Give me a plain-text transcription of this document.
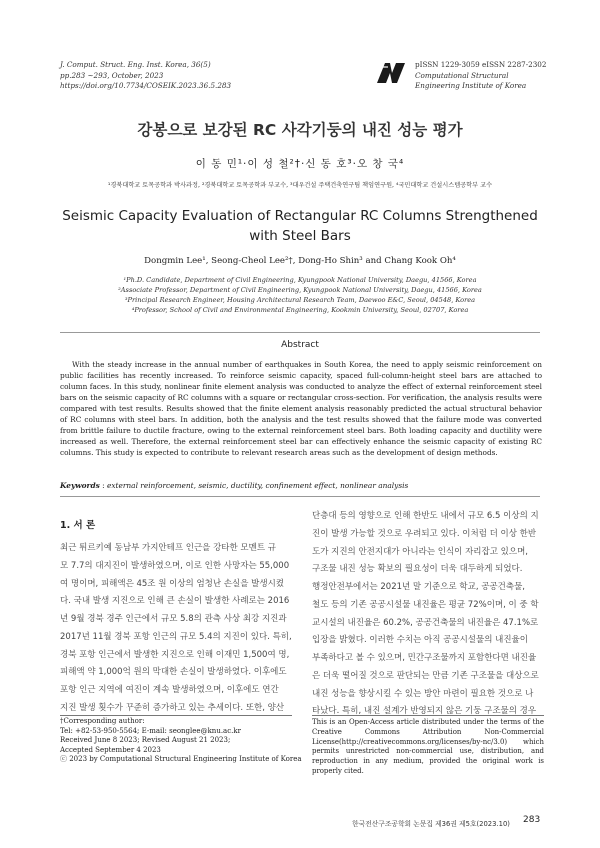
J. Comput. Struct. Eng. Inst. Korea, 36(5)
pp.283 ~293, October, 2023
https://doi.org/10.7734/COSEIK.2023.36.5.283
pISSN 1229-3059 eISSN 2287-2302
Computational Structural
Engineering Institute of Korea
강봉으로 보강된 RC 사각기둥의 내진 성능 평가
이 동 민¹·이 성 철²†·신 동 호³·오 창 국⁴
¹경북대학교 토목공학과 박사과정, ²경북대학교 토목공학과 부교수, ³대우건설 주택건축연구팀 책임연구원, ⁴국민대학교 건설시스템공학부 교수
Seismic Capacity Evaluation of Rectangular RC Columns Strengthened with Steel Bars
Dongmin Lee¹, Seong-Cheol Lee²†, Dong-Ho Shin³ and Chang Kook Oh⁴
¹Ph.D. Candidate, Department of Civil Engineering, Kyungpook National University, Daegu, 41566, Korea
²Associate Professor, Department of Civil Engineering, Kyungpook National University, Daegu, 41566, Korea
³Principal Research Engineer, Housing Architectural Research Team, Daewoo E&C, Seoul, 04548, Korea
⁴Professor, School of Civil and Environmental Engineering, Kookmin University, Seoul, 02707, Korea
Abstract
With the steady increase in the annual number of earthquakes in South Korea, the need to apply seismic reinforcement on public facilities has recently increased. To reinforce seismic capacity, spaced full-column-height steel bars are attached to column faces. In this study, nonlinear finite element analysis was conducted to analyze the effect of external reinforcement steel bars on the seismic capacity of RC columns with a square or rectangular cross-section. For verification, the analysis results were compared with test results. Results showed that the finite element analysis reasonably predicted the actual structural behavior of RC columns with steel bars. In addition, both the analysis and the test results showed that the failure mode was converted from brittle failure to ductile fracture, owing to the external reinforcement steel bars. Both loading capacity and ductility were increased as well. Therefore, the external reinforcement steel bar can effectively enhance the seismic capacity of existing RC columns. This study is expected to contribute to relevant research areas such as the development of design methods.
Keywords : external reinforcement, seismic, ductility, confinement effect, nonlinear analysis
1. 서 론
최근 튀르키예 동남부 가지안테프 인근을 강타한 모멘트 규
모 7.7의 대지진이 발생하였으며, 이로 인한 사망자는 55,000
여 명이며, 피해액은 45조 원 이상의 엄청난 손실을 발생시켰
다. 국내 발생 지진으로 인해 큰 손실이 발생한 사례로는 2016
년 9월 경북 경주 인근에서 규모 5.8의 관측 사상 최강 지진과
2017년 11월 경북 포항 인근의 규모 5.4의 지진이 있다. 특히,
경북 포항 인근에서 발생한 지진으로 인해 이재민 1,500여 명,
피해액 약 1,000억 원의 막대한 손실이 발생하였다. 이후에도
포항 인근 지역에 여진이 계속 발생하였으며, 이후에도 연간
지진 발생 횟수가 꾸준히 증가하고 있는 추세이다. 또한, 양산
단층대 등의 영향으로 인해 한반도 내에서 규모 6.5 이상의 지
진이 발생 가능할 것으로 우려되고 있다. 이처럼 더 이상 한반
도가 지진의 안전지대가 아니라는 인식이 자리잡고 있으며,
구조물 내진 성능 확보의 필요성이 더욱 대두하게 되었다.
행정안전부에서는 2021년 말 기준으로 학교, 공공건축물,
철도 등의 기존 공공시설물 내진율은 평균 72%이며, 이 중 학
교시설의 내진율은 60.2%, 공공건축물의 내진율은 47.1%로
입장을 밝혔다. 이러한 수치는 아직 공공시설물의 내진율이
부족하다고 볼 수 있으며, 민간구조물까지 포함한다면 내진율
은 더욱 떨어질 것으로 판단되는 만큼 기존 구조물을 대상으로
내진 성능을 향상시킬 수 있는 방안 마련이 필요한 것으로 나
타났다. 특히, 내진 설계가 반영되지 않은 기둥 구조물의 경우
†Corresponding author:
Tel: +82-53-950-5564; E-mail: seonglee@knu.ac.kr
Received June 8 2023; Revised August 21 2023;
Accepted September 4 2023
ⓒ 2023 by Computational Structural Engineering Institute of Korea
This is an Open-Access article distributed under the terms of the Creative Commons Attribution Non-Commercial License(http://creativecommons.org/licenses/by-nc/3.0) which permits unrestricted non-commercial use, distribution, and reproduction in any medium, provided the original work is properly cited.
한국전산구조공학회 논문집 제36권 제5호(2023.10) 283
